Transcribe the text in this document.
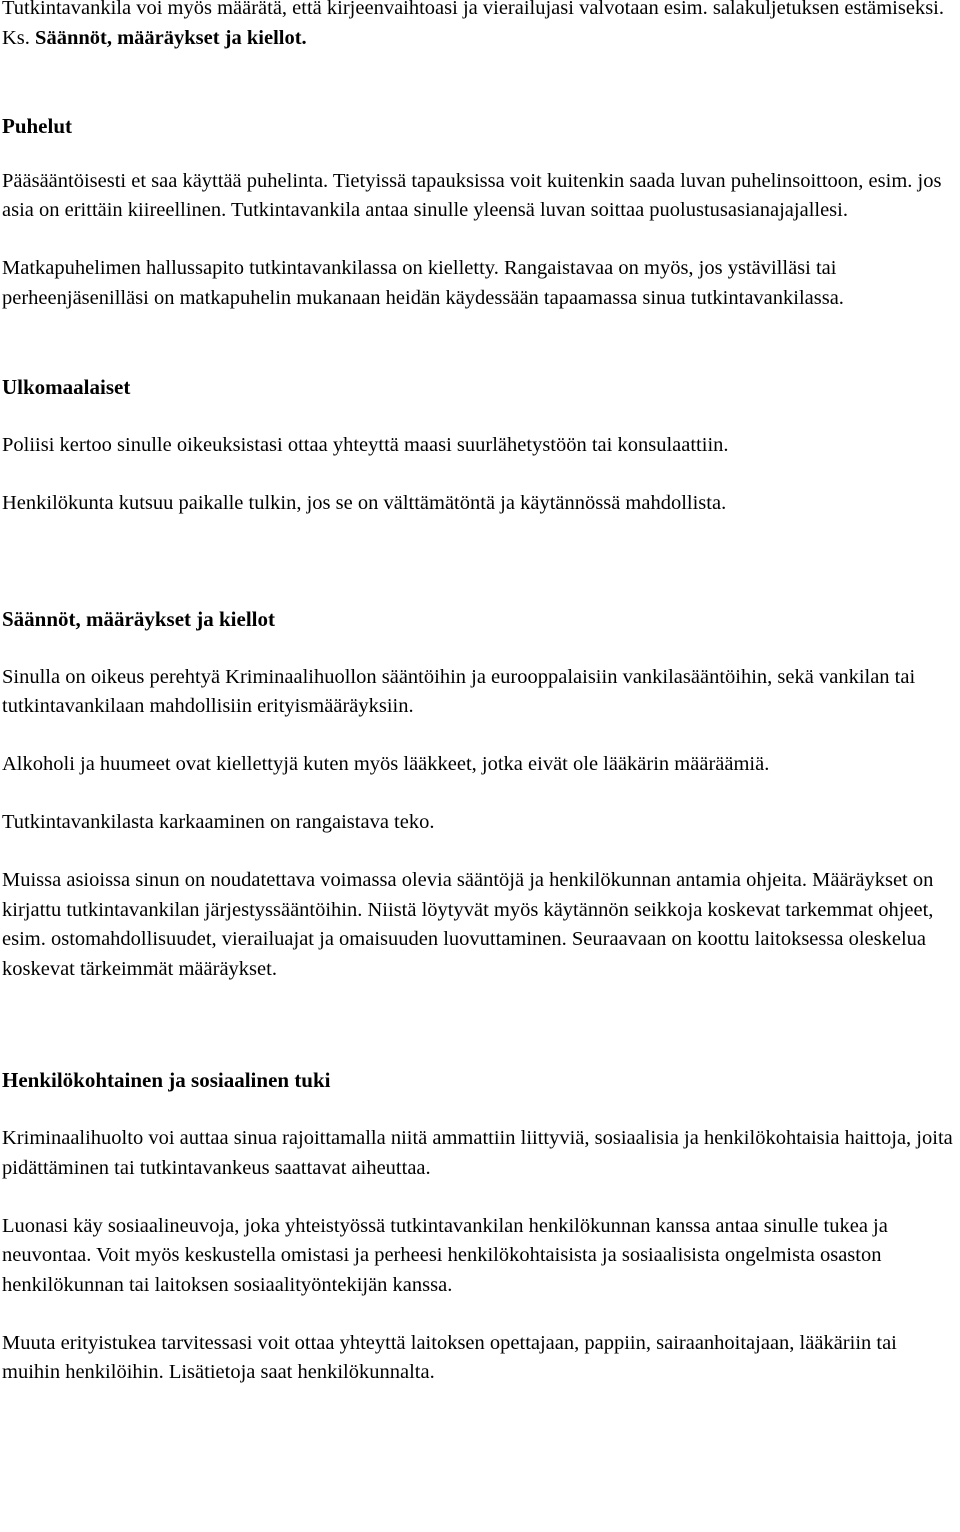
Tutkintavankila voi myös määrätä, että kirjeenvaihtoasi ja vierailujasi valvotaan esim. salakuljetuksen estämiseksi. Ks. Säännöt, määräykset ja kiellot.

Puhelut

Pääsääntöisesti et saa käyttää puhelinta. Tietyissä tapauksissa voit kuitenkin saada luvan puhelinsoittoon, esim. jos asia on erittäin kiireellinen. Tutkintavankila antaa sinulle yleensä luvan soittaa puolustusasianajajallesi.

Matkapuhelimen hallussapito tutkintavankilassa on kielletty. Rangaistavaa on myös, jos ystävilläsi tai perheenjäsenilläsi on matkapuhelin mukanaan heidän käydessään tapaamassa sinua tutkintavankilassa.

Ulkomaalaiset

Poliisi kertoo sinulle oikeuksistasi ottaa yhteyttä maasi suurlähetystöön tai konsulaattiin.

Henkilökunta kutsuu paikalle tulkin, jos se on välttämätöntä ja käytännössä mahdollista.

Säännöt, määräykset ja kiellot

Sinulla on oikeus perehtyä Kriminaalihuollon sääntöihin ja eurooppalaisiin vankilasääntöihin, sekä vankilan tai tutkintavankilaan mahdollisiin erityismääräyksiin.

Alkoholi ja huumeet ovat kiellettyjä kuten myös lääkkeet, jotka eivät ole lääkärin määräämiä.

Tutkintavankilasta karkaaminen on rangaistava teko.

Muissa asioissa sinun on noudatettava voimassa olevia sääntöjä ja henkilökunnan antamia ohjeita. Määräykset on kirjattu tutkintavankilan järjestyssääntöihin. Niistä löytyvät myös käytännön seikkoja koskevat tarkemmat ohjeet, esim. ostomahdollisuudet, vierailuajat ja omaisuuden luovuttaminen. Seuraavaan on koottu laitoksessa oleskelua koskevat tärkeimmät määräykset.

Henkilökohtainen ja sosiaalinen tuki

Kriminaalihuolto voi auttaa sinua rajoittamalla niitä ammattiin liittyviä, sosiaalisia ja henkilökohtaisia haittoja, joita pidättäminen tai tutkintavankeus saattavat aiheuttaa.

Luonasi käy sosiaalineuvoja, joka yhteistyössä tutkintavankilan henkilökunnan kanssa antaa sinulle tukea ja neuvontaa. Voit myös keskustella omistasi ja perheesi henkilökohtaisista ja sosiaalisista ongelmista osaston henkilökunnan tai laitoksen sosiaalityöntekijän kanssa.

Muuta erityistukea tarvitessasi voit ottaa yhteyttä laitoksen opettajaan, pappiin, sairaanhoitajaan, lääkäriin tai muihin henkilöihin. Lisätietoja saat henkilökunnalta.
